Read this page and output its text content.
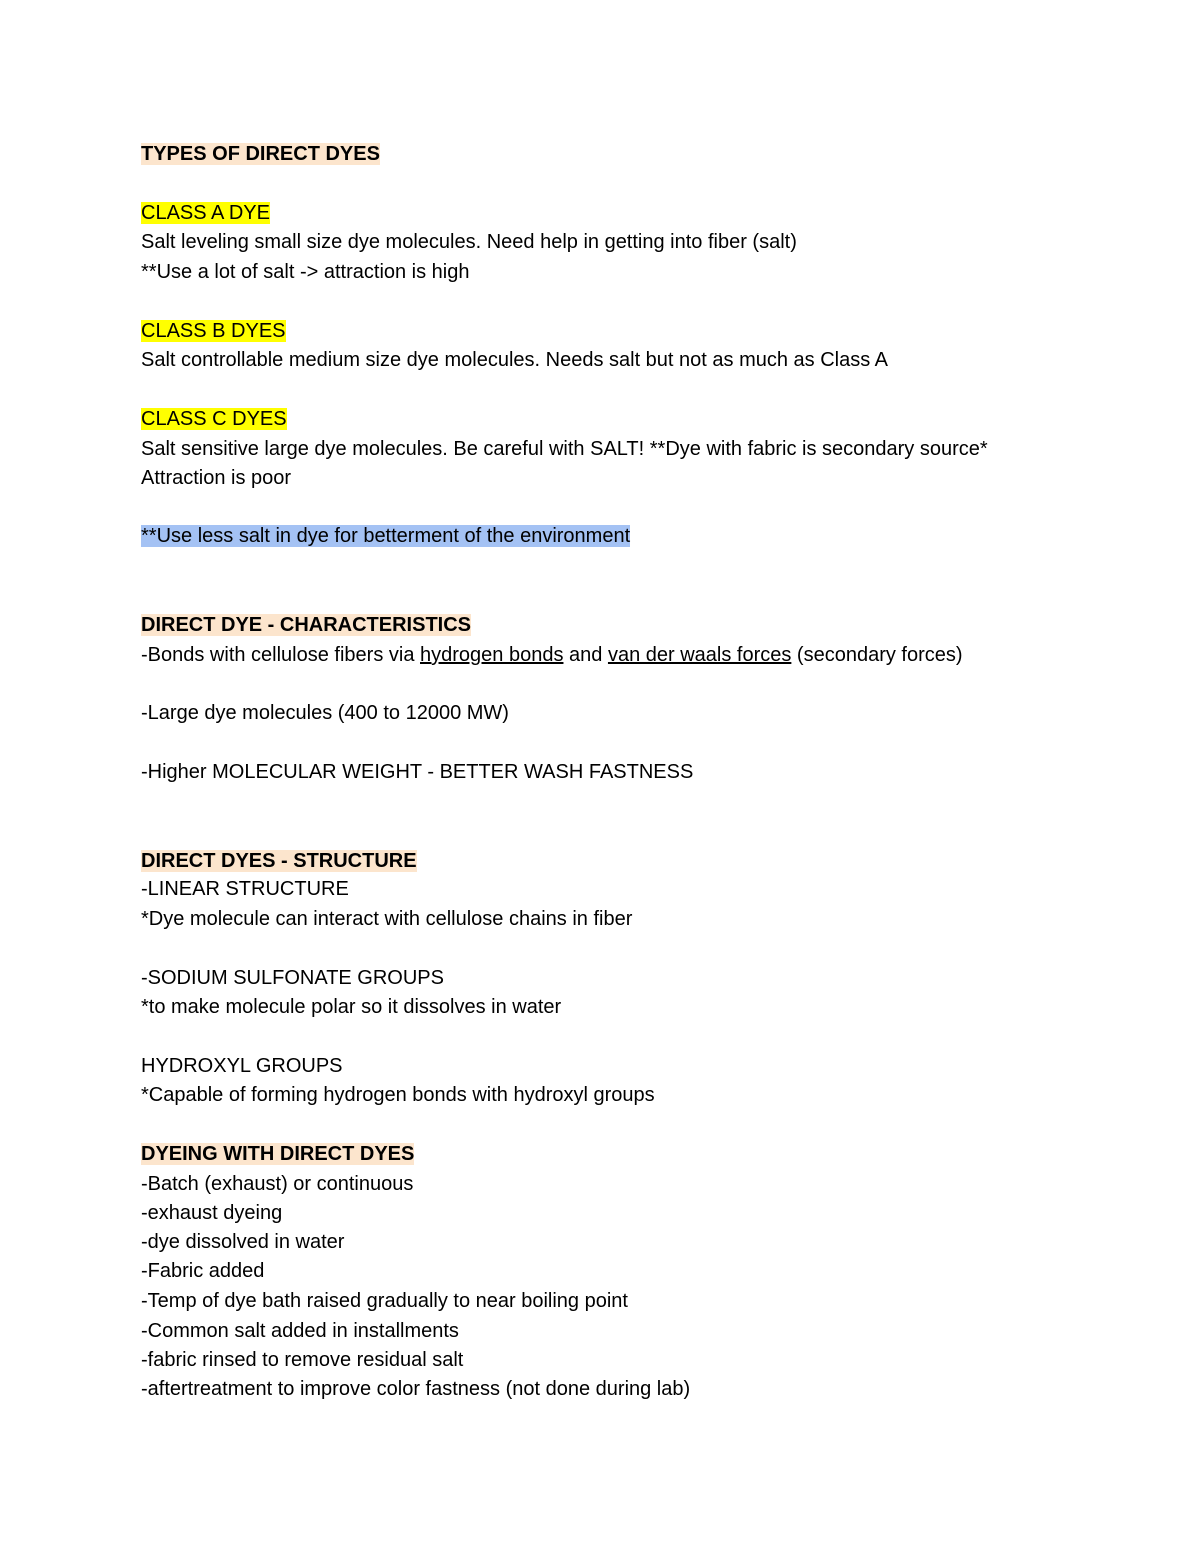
TYPES OF DIRECT DYES
CLASS A DYE
Salt leveling small size dye molecules. Need help in getting into fiber (salt)
**Use a lot of salt -> attraction is high
CLASS B DYES
Salt controllable medium size dye molecules. Needs salt but not as much as Class A
CLASS C DYES
Salt sensitive large dye molecules. Be careful with SALT! **Dye with fabric is secondary source*
Attraction is poor
**Use less salt in dye for betterment of the environment
DIRECT DYE - CHARACTERISTICS
-Bonds with cellulose fibers via hydrogen bonds and van der waals forces (secondary forces)
-Large dye molecules (400 to 12000 MW)
-Higher MOLECULAR WEIGHT - BETTER WASH FASTNESS
DIRECT DYES - STRUCTURE
-LINEAR STRUCTURE
*Dye molecule can interact with cellulose chains in fiber
-SODIUM SULFONATE GROUPS
*to make molecule polar so it dissolves in water
HYDROXYL GROUPS
*Capable of forming hydrogen bonds with hydroxyl groups
DYEING WITH DIRECT DYES
-Batch (exhaust) or continuous
-exhaust dyeing
-dye dissolved in water
-Fabric added
-Temp of dye bath raised gradually to near boiling point
-Common salt added in installments
-fabric rinsed to remove residual salt
-aftertreatment to improve color fastness (not done during lab)
